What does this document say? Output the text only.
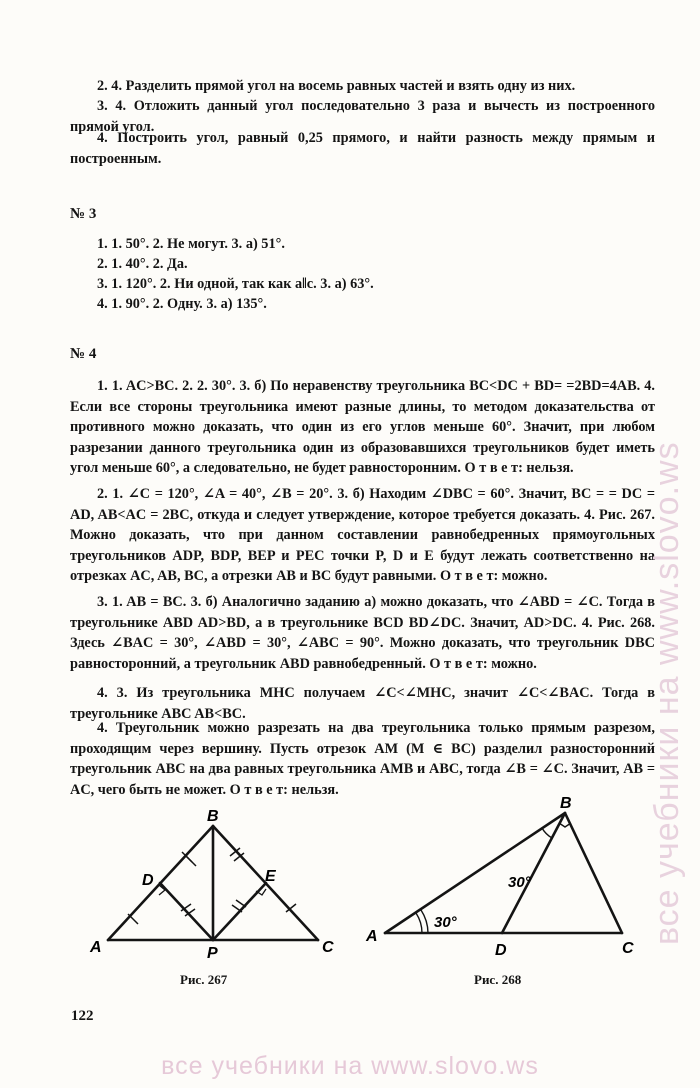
2. 4. Разделить прямой угол на восемь равных частей и взять одну из них.
3. 4. Отложить данный угол последовательно 3 раза и вычесть из построенного прямой угол.
4. Построить угол, равный 0,25 прямого, и найти разность между прямым и построенным.
№ 3
1. 1. 50°. 2. Не могут. 3. а) 51°.
2. 1. 40°. 2. Да.
3. 1. 120°. 2. Ни одной, так как a‖c. 3. а) 63°.
4. 1. 90°. 2. Одну. 3. а) 135°.
№ 4
1. 1. AC>BC. 2. 2. 30°. 3. б) По неравенству треугольника BC<DC + BD= =2BD=4AB. 4. Если все стороны треугольника имеют разные длины, то методом доказательства от противного можно доказать, что один из его углов меньше 60°. Значит, при любом разрезании данного треугольника один из образовавшихся треугольников будет иметь угол меньше 60°, а следовательно, не будет равносторонним. О т в е т: нельзя.
2. 1. ∠C = 120°, ∠A = 40°, ∠B = 20°. 3. б) Находим ∠DBC = 60°. Значит, BC = = DC = AD, AB<AC = 2BC, откуда и следует утверждение, которое требуется доказать. 4. Рис. 267. Можно доказать, что при данном составлении равнобедренных прямоугольных треугольников ADP, BDP, BEP и PEC точки P, D и E будут лежать соответственно на отрезках AC, AB, BC, а отрезки AB и BC будут равными. О т в е т: можно.
3. 1. AB = BC. 3. б) Аналогично заданию а) можно доказать, что ∠ABD = ∠C. Тогда в треугольнике ABD AD>BD, а в треугольнике BCD BD∠DC. Значит, AD>DC. 4. Рис. 268. Здесь ∠BAC = 30°, ∠ABD = 30°, ∠ABC = 90°. Можно доказать, что треугольник DBC равносторонний, а треугольник ABD равнобедренный. О т в е т: можно.
4. 3. Из треугольника MHC получаем ∠C<∠MHC, значит ∠C<∠BAC. Тогда в треугольнике ABC AB<BC.
4. Треугольник можно разрезать на два треугольника только прямым разрезом, проходящим через вершину. Пусть отрезок AM (M ∈ BC) разделил разносторонний треугольник ABC на два равных треугольника AMB и ABC, тогда ∠B = ∠C. Значит, AB = AC, чего быть не может. О т в е т: нельзя.
A
B
C
D	E
P
Рис. 267
A
B
C
D
30°
30°
Рис. 268
122
все учебники на www.slovo.ws
все учебники на www.slovo.ws
